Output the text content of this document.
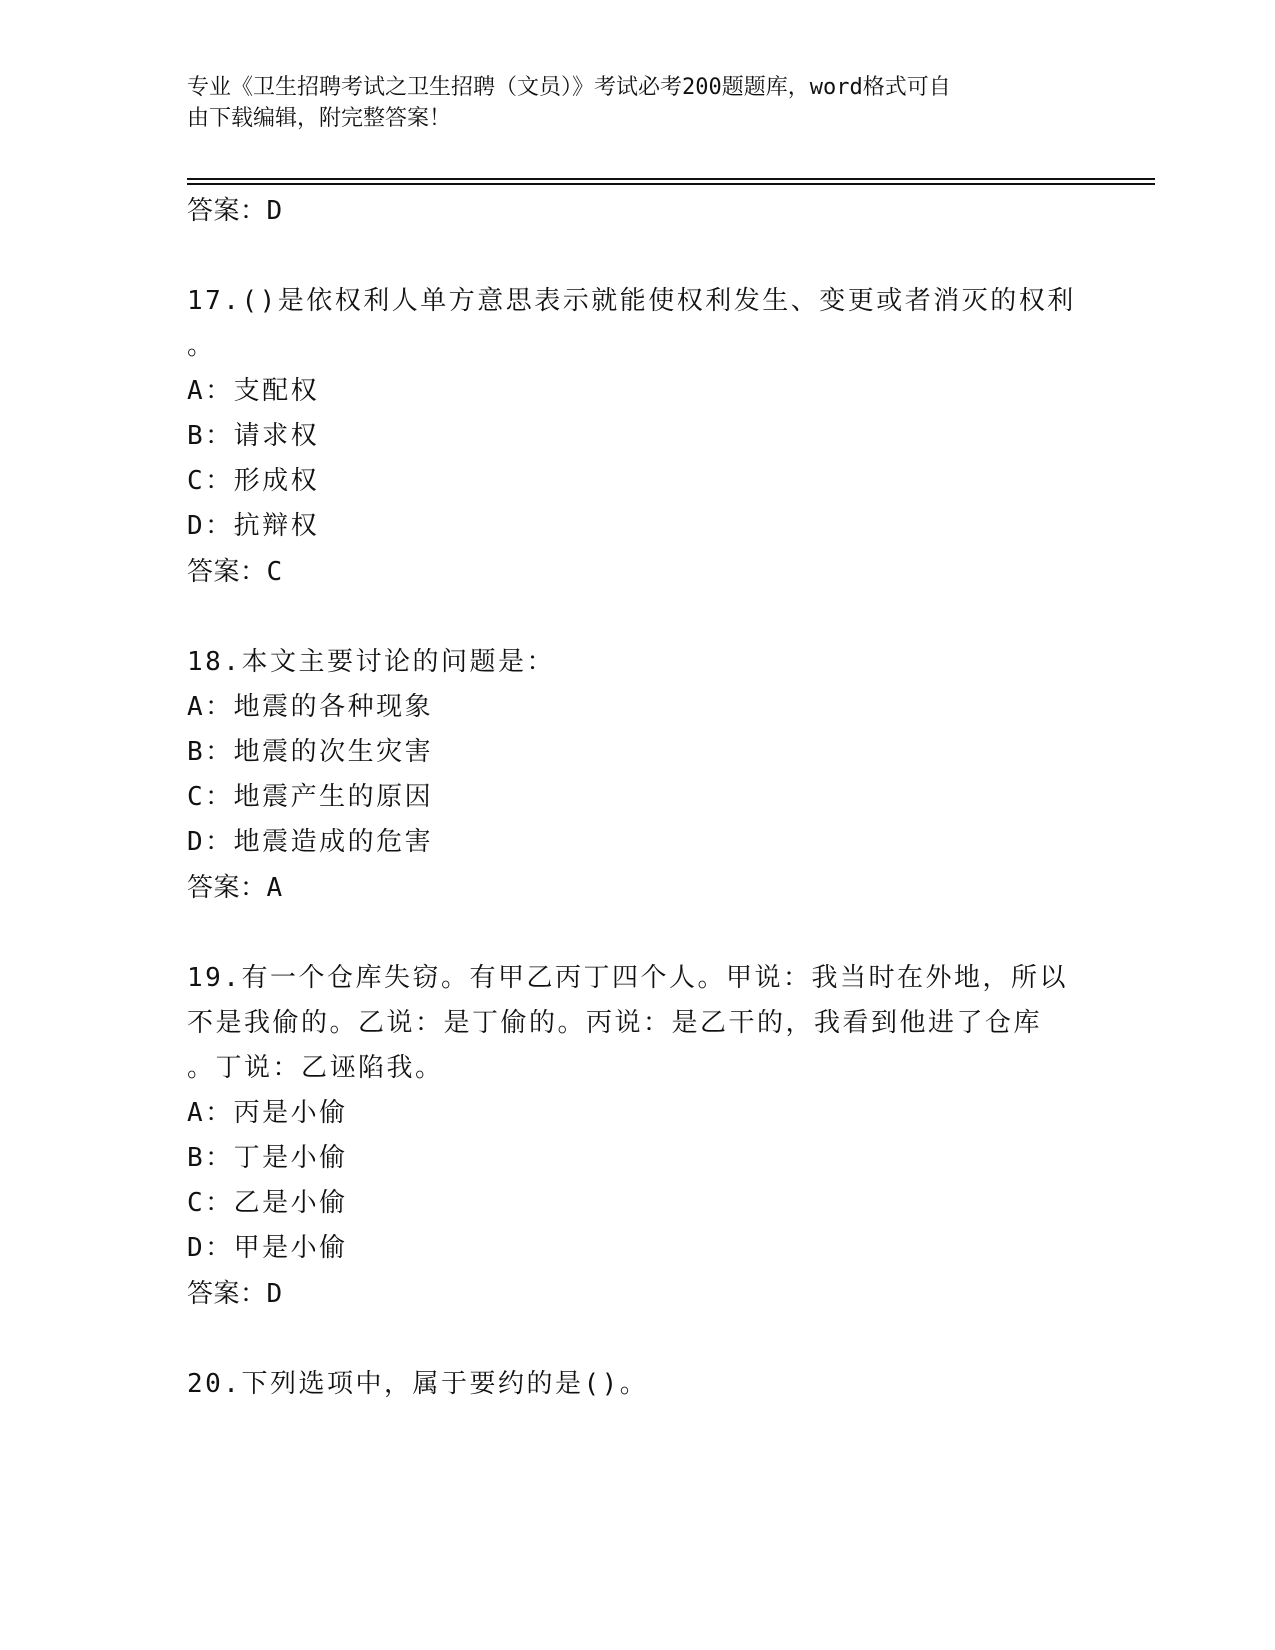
专业《卫生招聘考试之卫生招聘（文员）》考试必考200题题库，word格式可自
由下载编辑，附完整答案！
答案：D
17.()是依权利人单方意思表示就能使权利发生、变更或者消灭的权利
。
A：支配权
B：请求权
C：形成权
D：抗辩权
答案：C
18.本文主要讨论的问题是：
A：地震的各种现象
B：地震的次生灾害
C：地震产生的原因
D：地震造成的危害
答案：A
19.有一个仓库失窃。有甲乙丙丁四个人。甲说：我当时在外地，所以
不是我偷的。乙说：是丁偷的。丙说：是乙干的，我看到他进了仓库
。丁说：乙诬陷我。
A：丙是小偷
B：丁是小偷
C：乙是小偷
D：甲是小偷
答案：D
20.下列选项中，属于要约的是()。
